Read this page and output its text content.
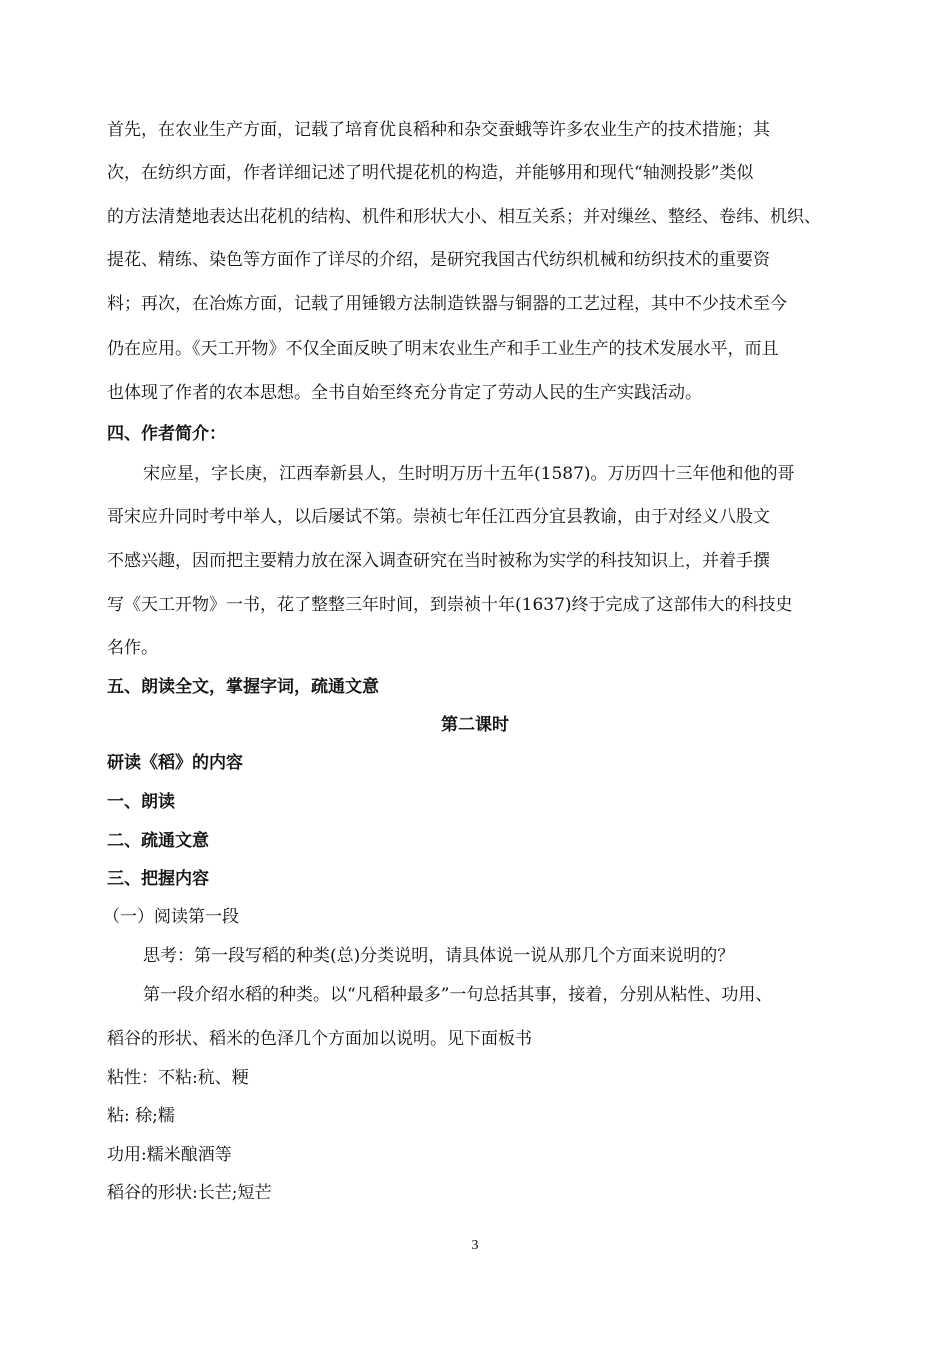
首先，在农业生产方面，记载了培育优良稻种和杂交蚕蛾等许多农业生产的技术措施；其
次，在纺织方面，作者详细记述了明代提花机的构造，并能够用和现代“轴测投影”类似
的方法清楚地表达出花机的结构、机件和形状大小、相互关系；并对缫丝、整经、卷纬、机织、
提花、精练、染色等方面作了详尽的介绍，是研究我国古代纺织机械和纺织技术的重要资
料；再次，在冶炼方面，记载了用锤锻方法制造铁器与铜器的工艺过程，其中不少技术至今
仍在应用。《天工开物》不仅全面反映了明末农业生产和手工业生产的技术发展水平，而且
也体现了作者的农本思想。全书自始至终充分肯定了劳动人民的生产实践活动。
四、作者简介：
宋应星，字长庚，江西奉新县人，生时明万历十五年(1587)。万历四十三年他和他的哥
哥宋应升同时考中举人，以后屡试不第。崇祯七年任江西分宜县教谕，由于对经义八股文
不感兴趣，因而把主要精力放在深入调查研究在当时被称为实学的科技知识上，并着手撰
写《天工开物》一书，花了整整三年时间，到崇祯十年(1637)终于完成了这部伟大的科技史
名作。
五、朗读全文，掌握字词，疏通文意
第二课时
研读《稻》的内容
一、朗读
二、疏通文意
三、把握内容
（一）阅读第一段
思考：第一段写稻的种类(总)分类说明，请具体说一说从那几个方面来说明的？
第一段介绍水稻的种类。以“凡稻种最多”一句总括其事，接着，分别从粘性、功用、
稻谷的形状、稻米的色泽几个方面加以说明。见下面板书
粘性：不粘:秔、粳
粘: 稌;糯
功用:糯米酿酒等
稻谷的形状:长芒;短芒
3
